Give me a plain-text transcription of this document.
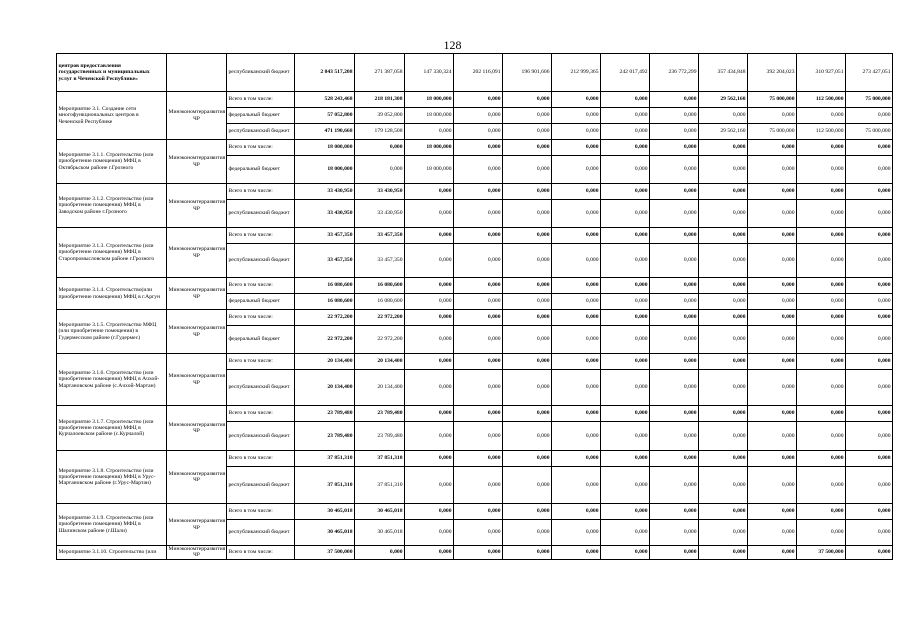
128
центров предоставления государственных и муниципальных услуг в Чеченской Республике»		республиканский бюджет	2 843 517,208	271 387,058	147 330,324	202 116,091	196 901,606	212 999,365	242 017,492	236 772,299	357 434,848	392 204,023	310 927,051	273 427,051
Мероприятие 3.1. Создание сети многофункциональных центров в Чеченской Республике	Минэкономтерразвития ЧР	Всего в том числе:	528 243,468	218 181,308	18 000,000	0,000	0,000	0,000	0,000	0,000	29 562,160	75 000,000	112 500,000	75 000,000
		федеральный бюджет	57 052,800	39 052,800	18 000,000	0,000	0,000	0,000	0,000	0,000	0,000	0,000	0,000	0,000
		республиканский бюджет	471 190,668	179 128,508	0,000	0,000	0,000	0,000	0,000	0,000	29 562,160	75 000,000	112 500,000	75 000,000
Мероприятие 3.1.1. Строительство (или приобретение помещения) МФЦ в Октябрьском районе г.Грозного	Минэкономтерразвития ЧР	Всего в том числе:	18 000,000	0,000	18 000,000	0,000	0,000	0,000	0,000	0,000	0,000	0,000	0,000	0,000
		федеральный бюджет	18 000,000	0,000	18 000,000	0,000	0,000	0,000	0,000	0,000	0,000	0,000	0,000	0,000
Мероприятие 3.1.2. Строительство (или приобретение помещения) МФЦ в Заводском районе г.Грозного	Минэкономтерразвития ЧР	Всего в том числе:	33 430,950	33 430,950	0,000	0,000	0,000	0,000	0,000	0,000	0,000	0,000	0,000	0,000
		республиканский бюджет	33 430,950	33 430,950	0,000	0,000	0,000	0,000	0,000	0,000	0,000	0,000	0,000	0,000
Мероприятие 3.1.3. Строительство (или приобретение помещения) МФЦ в Старопромысловском районе г.Грозного	Минэкономтерразвития ЧР	Всего в том числе:	33 457,350	33 457,350	0,000	0,000	0,000	0,000	0,000	0,000	0,000	0,000	0,000	0,000
		республиканский бюджет	33 457,350	33 457,350	0,000	0,000	0,000	0,000	0,000	0,000	0,000	0,000	0,000	0,000
Мероприятие 3.1.4. Строительство(или приобретение помещения) МФЦ в г.Аргун	Минэкономтерразвития ЧР	Всего в том числе:	16 080,600	16 080,600	0,000	0,000	0,000	0,000	0,000	0,000	0,000	0,000	0,000	0,000
		федеральный бюджет	16 080,600	16 080,600	0,000	0,000	0,000	0,000	0,000	0,000	0,000	0,000	0,000	0,000
Мероприятие 3.1.5. Строительство МФЦ (или приобретение помещения) в Гудермесском районе (г.Гудермес)	Минэкономтерразвития ЧР	Всего в том числе:	22 972,200	22 972,200	0,000	0,000	0,000	0,000	0,000	0,000	0,000	0,000	0,000	0,000
		федеральный бюджет	22 972,200	22 972,200	0,000	0,000	0,000	0,000	0,000	0,000	0,000	0,000	0,000	0,000
Мероприятие 3.1.6. Строительство (или приобретение помещения) МФЦ в Ачхой-Мартановском районе (с.Ачхой-Мартан)	Минэкономтерразвития ЧР	Всего в том числе:	20 134,400	20 134,400	0,000	0,000	0,000	0,000	0,000	0,000	0,000	0,000	0,000	0,000
		республиканский бюджет	20 134,400	20 134,400	0,000	0,000	0,000	0,000	0,000	0,000	0,000	0,000	0,000	0,000
Мероприятие 3.1.7. Строительство (или приобретение помещения) МФЦ в Курчалоевском районе (с.Курчалой)	Минэкономтерразвития ЧР	Всего в том числе:	23 789,480	23 789,480	0,000	0,000	0,000	0,000	0,000	0,000	0,000	0,000	0,000	0,000
		республиканский бюджет	23 789,480	23 789,480	0,000	0,000	0,000	0,000	0,000	0,000	0,000	0,000	0,000	0,000
Мероприятие 3.1.8. Строительство (или приобретение помещения) МФЦ в Урус-Мартановском районе (г.Урус-Мартан)	Минэкономтерразвития ЧР	Всего в том числе:	37 851,310	37 851,310	0,000	0,000	0,000	0,000	0,000	0,000	0,000	0,000	0,000	0,000
		республиканский бюджет	37 851,310	37 851,310	0,000	0,000	0,000	0,000	0,000	0,000	0,000	0,000	0,000	0,000
Мероприятие 3.1.9. Строительство (или приобретение помещения) МФЦ в Шалинском районе (г.Шали)	Минэкономтерразвития ЧР	Всего в том числе:	30 465,018	30 465,018	0,000	0,000	0,000	0,000	0,000	0,000	0,000	0,000	0,000	0,000
		республиканский бюджет	30 465,018	30 465,018	0,000	0,000	0,000	0,000	0,000	0,000	0,000	0,000	0,000	0,000
Мероприятие 3.1.10. Строительство (или	Минэкономтерразвития ЧР	Всего в том числе:	37 500,000	0,000	0,000	0,000	0,000	0,000	0,000	0,000	0,000	0,000	37 500,000	0,000
